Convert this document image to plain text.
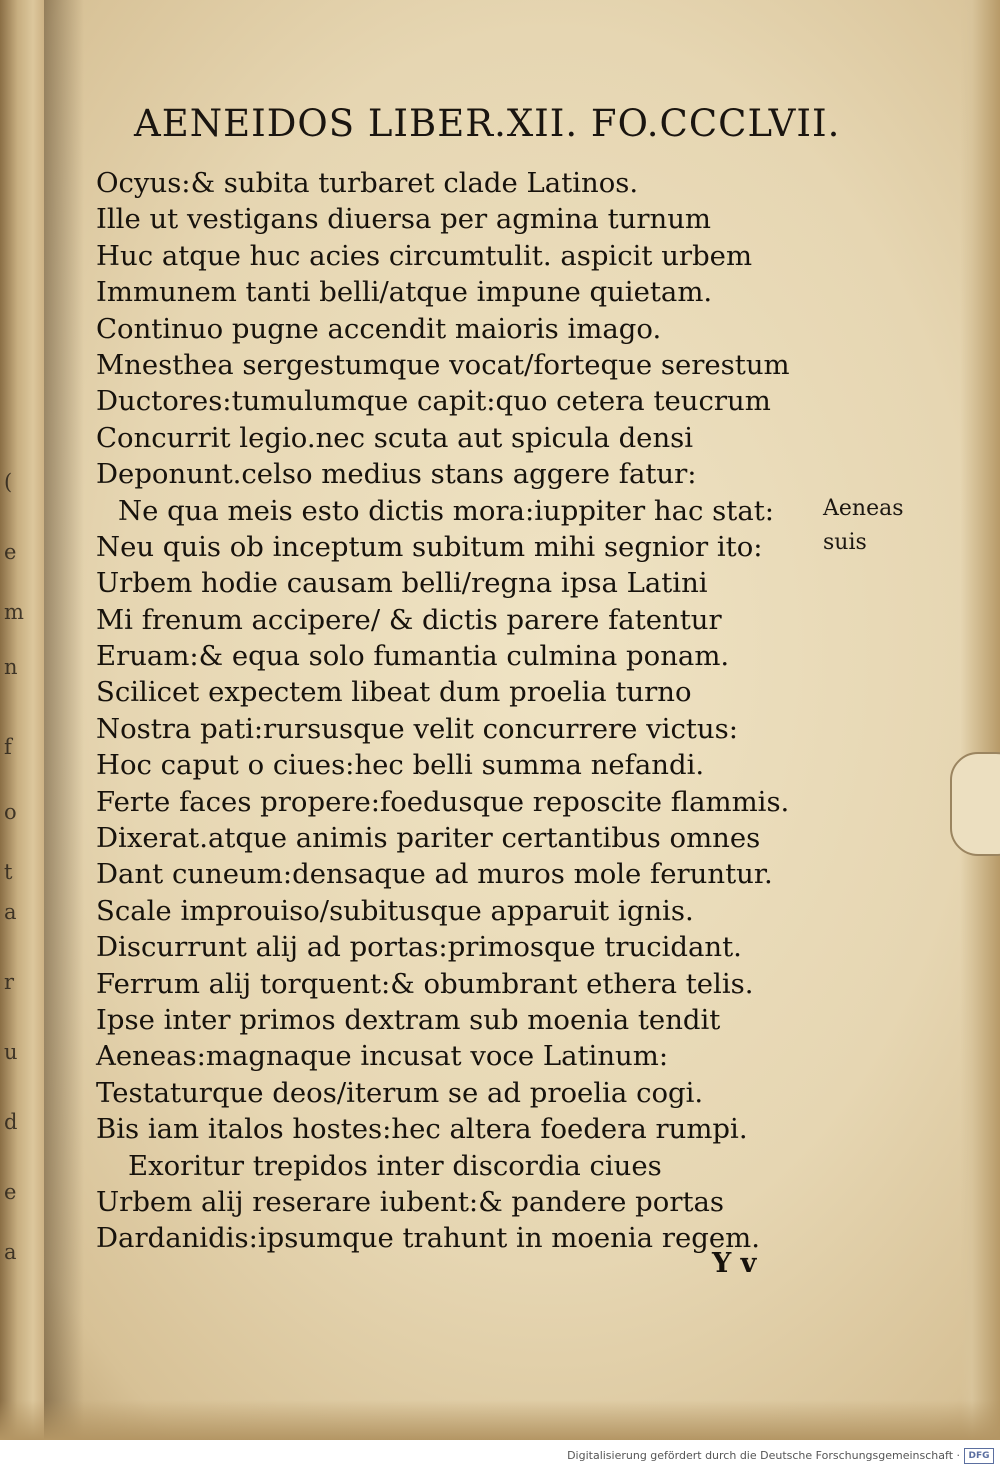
(
e
m
n
f
o
t
a
r
u
d
e
a
AENEIDOS LIBER.XII. FO.CCCLVII.
Ocyus:& subita turbaret clade Latinos.
Ille ut vestigans diuersa per agmina turnum
Huc atque huc acies circumtulit. aspicit urbem
Immunem tanti belli/atque impune quietam.
Continuo pugne accendit maioris imago.
Mnesthea sergestumque vocat/forteque serestum
Ductores:tumulumque capit:quo cetera teucrum
Concurrit legio.nec scuta aut spicula densi
Deponunt.celso medius stans aggere fatur:
Ne qua meis esto dictis mora:iuppiter hac stat:
Neu quis ob inceptum subitum mihi segnior ito:
Urbem hodie causam belli/regna ipsa Latini
Mi frenum accipere/ & dictis parere fatentur
Eruam:& equa solo fumantia culmina ponam.
Scilicet expectem libeat dum proelia turno
Nostra pati:rursusque velit concurrere victus:
Hoc caput o ciues:hec belli summa nefandi.
Ferte faces propere:foedusque reposcite flammis.
Dixerat.atque animis pariter certantibus omnes
Dant cuneum:densaque ad muros mole feruntur.
Scale improuiso/subitusque apparuit ignis.
Discurrunt alij ad portas:primosque trucidant.
Ferrum alij torquent:& obumbrant ethera telis.
Ipse inter primos dextram sub moenia tendit
Aeneas:magnaque incusat voce Latinum:
Testaturque deos/iterum se ad proelia cogi.
Bis iam italos hostes:hec altera foedera rumpi.
Exoritur trepidos inter discordia ciues
Urbem alij reserare iubent:& pandere portas
Dardanidis:ipsumque trahunt in moenia regem.
Aeneas
suis
Y v
Digitalisierung gefördert durch die Deutsche Forschungsgemeinschaft · DFG
